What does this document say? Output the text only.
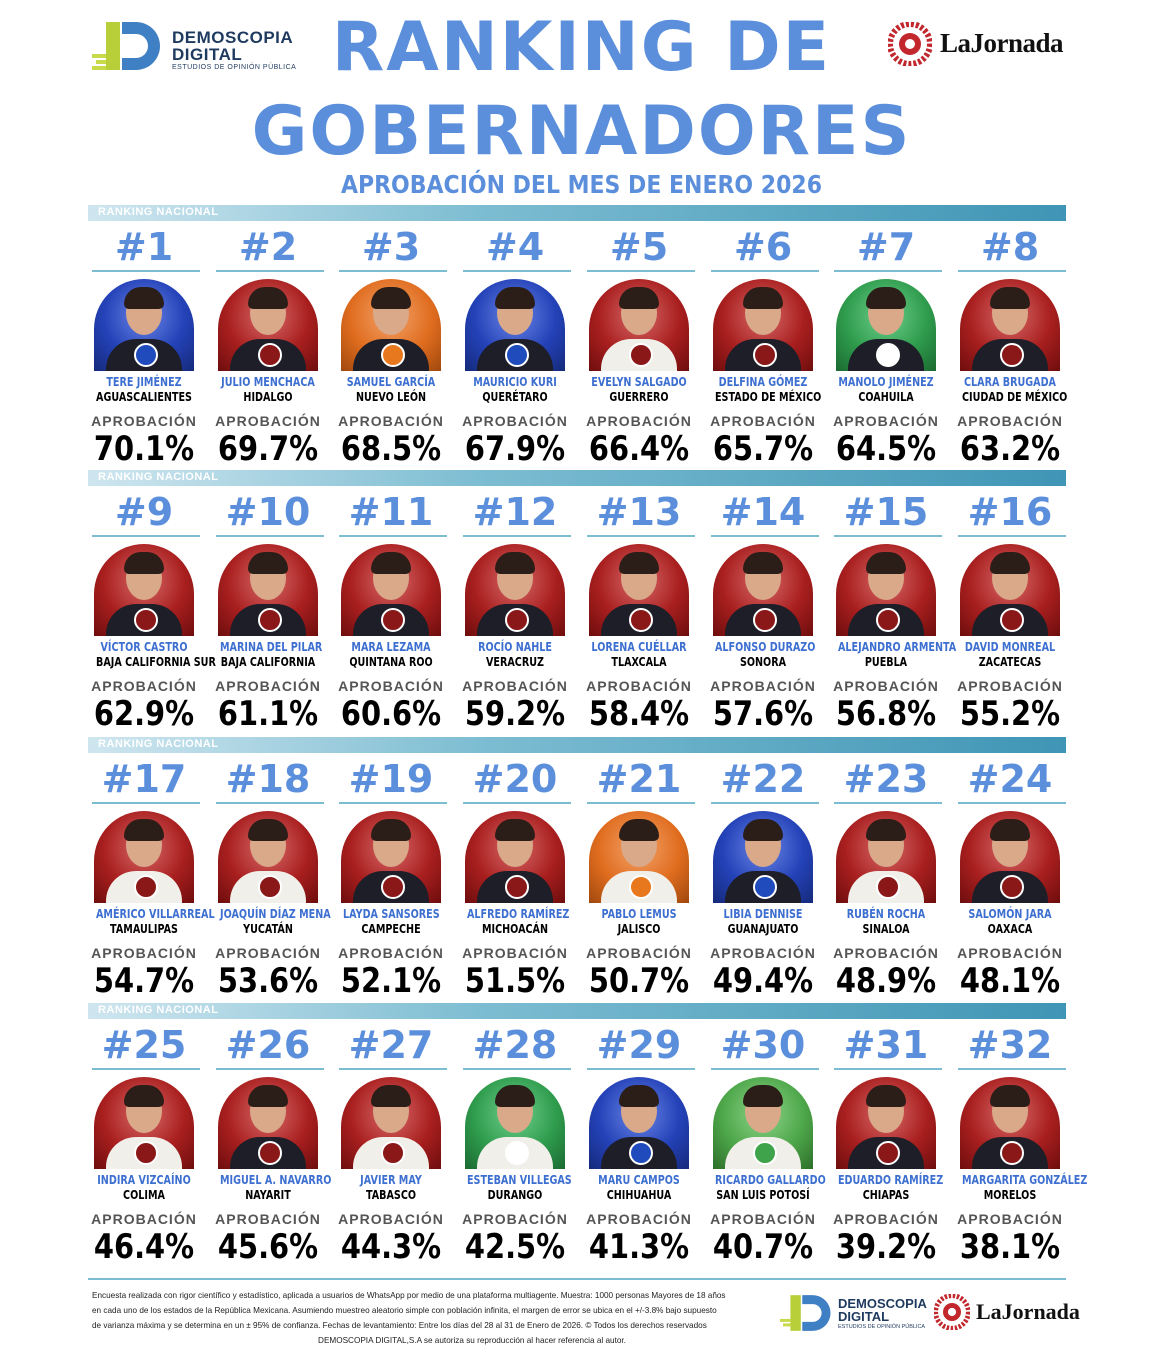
DEMOSCOPIA
DIGITAL
ESTUDIOS DE OPINIÓN PÚBLICA RANKING DE
GOBERNADORES
APROBACIÓN DEL MES DE ENERO 2026
LaJornada
RANKING NACIONAL
#1
TERE JIMÉNEZ
AGUASCALIENTES
APROBACIÓN
70.1%
#2
JULIO MENCHACA
HIDALGO
APROBACIÓN
69.7%
#3
SAMUEL GARCÍA
NUEVO LEÓN
APROBACIÓN
68.5%
#4
MAURICIO KURI
QUERÉTARO
APROBACIÓN
67.9%
#5
EVELYN SALGADO
GUERRERO
APROBACIÓN
66.4%
#6
DELFINA GÓMEZ
ESTADO DE MÉXICO
APROBACIÓN
65.7%
#7
MANOLO JIMÉNEZ
COAHUILA
APROBACIÓN
64.5%
#8
CLARA BRUGADA
CIUDAD DE MÉXICO
APROBACIÓN
63.2%
RANKING NACIONAL
#9
VÍCTOR CASTRO
BAJA CALIFORNIA SUR
APROBACIÓN
62.9%
#10
MARINA DEL PILAR
BAJA CALIFORNIA
APROBACIÓN
61.1%
#11
MARA LEZAMA
QUINTANA ROO
APROBACIÓN
60.6%
#12
ROCÍO NAHLE
VERACRUZ
APROBACIÓN
59.2%
#13
LORENA CUÉLLAR
TLAXCALA
APROBACIÓN
58.4%
#14
ALFONSO DURAZO
SONORA
APROBACIÓN
57.6%
#15
ALEJANDRO ARMENTA
PUEBLA
APROBACIÓN
56.8%
#16
DAVID MONREAL
ZACATECAS
APROBACIÓN
55.2%
RANKING NACIONAL
#17
AMÉRICO VILLARREAL
TAMAULIPAS
APROBACIÓN
54.7%
#18
JOAQUÍN DÍAZ MENA
YUCATÁN
APROBACIÓN
53.6%
#19
LAYDA SANSORES
CAMPECHE
APROBACIÓN
52.1%
#20
ALFREDO RAMÍREZ
MICHOACÁN
APROBACIÓN
51.5%
#21
PABLO LEMUS
JALISCO
APROBACIÓN
50.7%
#22
LIBIA DENNISE
GUANAJUATO
APROBACIÓN
49.4%
#23
RUBÉN ROCHA
SINALOA
APROBACIÓN
48.9%
#24
SALOMÓN JARA
OAXACA
APROBACIÓN
48.1%
RANKING NACIONAL
#25
INDIRA VIZCAÍNO
COLIMA
APROBACIÓN
46.4%
#26
MIGUEL A. NAVARRO
NAYARIT
APROBACIÓN
45.6%
#27
JAVIER MAY
TABASCO
APROBACIÓN
44.3%
#28
ESTEBAN VILLEGAS
DURANGO
APROBACIÓN
42.5%
#29
MARU CAMPOS
CHIHUAHUA
APROBACIÓN
41.3%
#30
RICARDO GALLARDO
SAN LUIS POTOSÍ
APROBACIÓN
40.7%
#31
EDUARDO RAMÍREZ
CHIAPAS
APROBACIÓN
39.2%
#32
MARGARITA GONZÁLEZ
MORELOS
APROBACIÓN
38.1%
Encuesta realizada con rigor científico y estadístico, aplicada a usuarios de WhatsApp por medio de una plataforma multiagente. Muestra: 1000 personas Mayores de 18 años
en cada uno de los estados de la República Mexicana. Asumiendo muestreo aleatorio simple con población infinita, el margen de error se ubica en el +/-3.8% bajo supuesto
de varianza máxima y se determina en un ± 95% de confianza. Fechas de levantamiento: Entre los días del 28 al 31 de Enero de 2026. © Todos los derechos reservados
DEMOSCOPIA DIGITAL,S.A se autoriza su reproducción al hacer referencia al autor.
DEMOSCOPIA
DIGITAL
ESTUDIOS DE OPINIÓN PÚBLICA
LaJornada
